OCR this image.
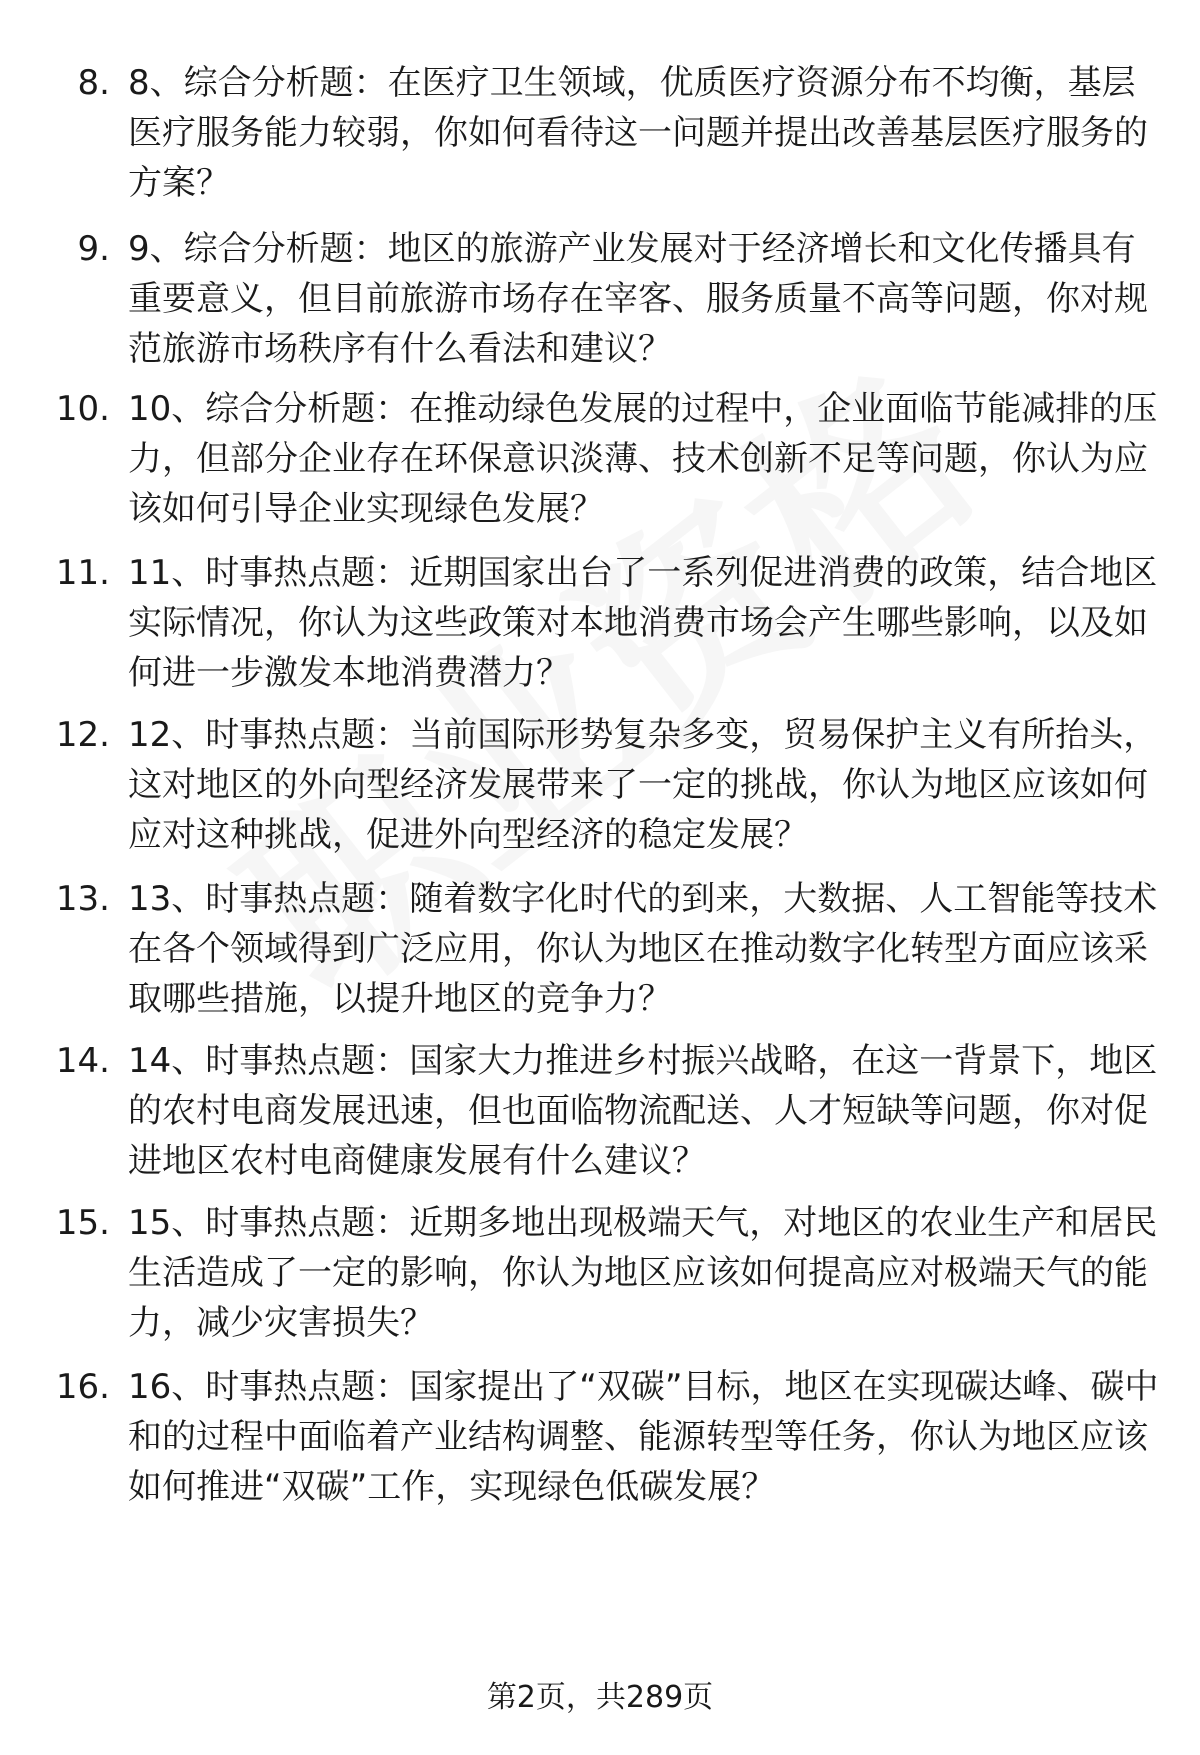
8. 8、综合分析题：在医疗卫生领域，优质医疗资源分布不均衡，基层医疗服务能力较弱，你如何看待这一问题并提出改善基层医疗服务的方案？
9. 9、综合分析题：地区的旅游产业发展对于经济增长和文化传播具有重要意义，但目前旅游市场存在宰客、服务质量不高等问题，你对规范旅游市场秩序有什么看法和建议？
10. 10、综合分析题：在推动绿色发展的过程中，企业面临节能减排的压力，但部分企业存在环保意识淡薄、技术创新不足等问题，你认为应该如何引导企业实现绿色发展？
11. 11、时事热点题：近期国家出台了一系列促进消费的政策，结合地区实际情况，你认为这些政策对本地消费市场会产生哪些影响，以及如何进一步激发本地消费潜力？
12. 12、时事热点题：当前国际形势复杂多变，贸易保护主义有所抬头，这对地区的外向型经济发展带来了一定的挑战，你认为地区应该如何应对这种挑战，促进外向型经济的稳定发展？
13. 13、时事热点题：随着数字化时代的到来，大数据、人工智能等技术在各个领域得到广泛应用，你认为地区在推动数字化转型方面应该采取哪些措施，以提升地区的竞争力？
14. 14、时事热点题：国家大力推进乡村振兴战略，在这一背景下，地区的农村电商发展迅速，但也面临物流配送、人才短缺等问题，你对促进地区农村电商健康发展有什么建议？
15. 15、时事热点题：近期多地出现极端天气，对地区的农业生产和居民生活造成了一定的影响，你认为地区应该如何提高应对极端天气的能力，减少灾害损失？
16. 16、时事热点题：国家提出了“双碳”目标，地区在实现碳达峰、碳中和的过程中面临着产业结构调整、能源转型等任务，你认为地区应该如何推进“双碳”工作，实现绿色低碳发展？
第2页，共289页
